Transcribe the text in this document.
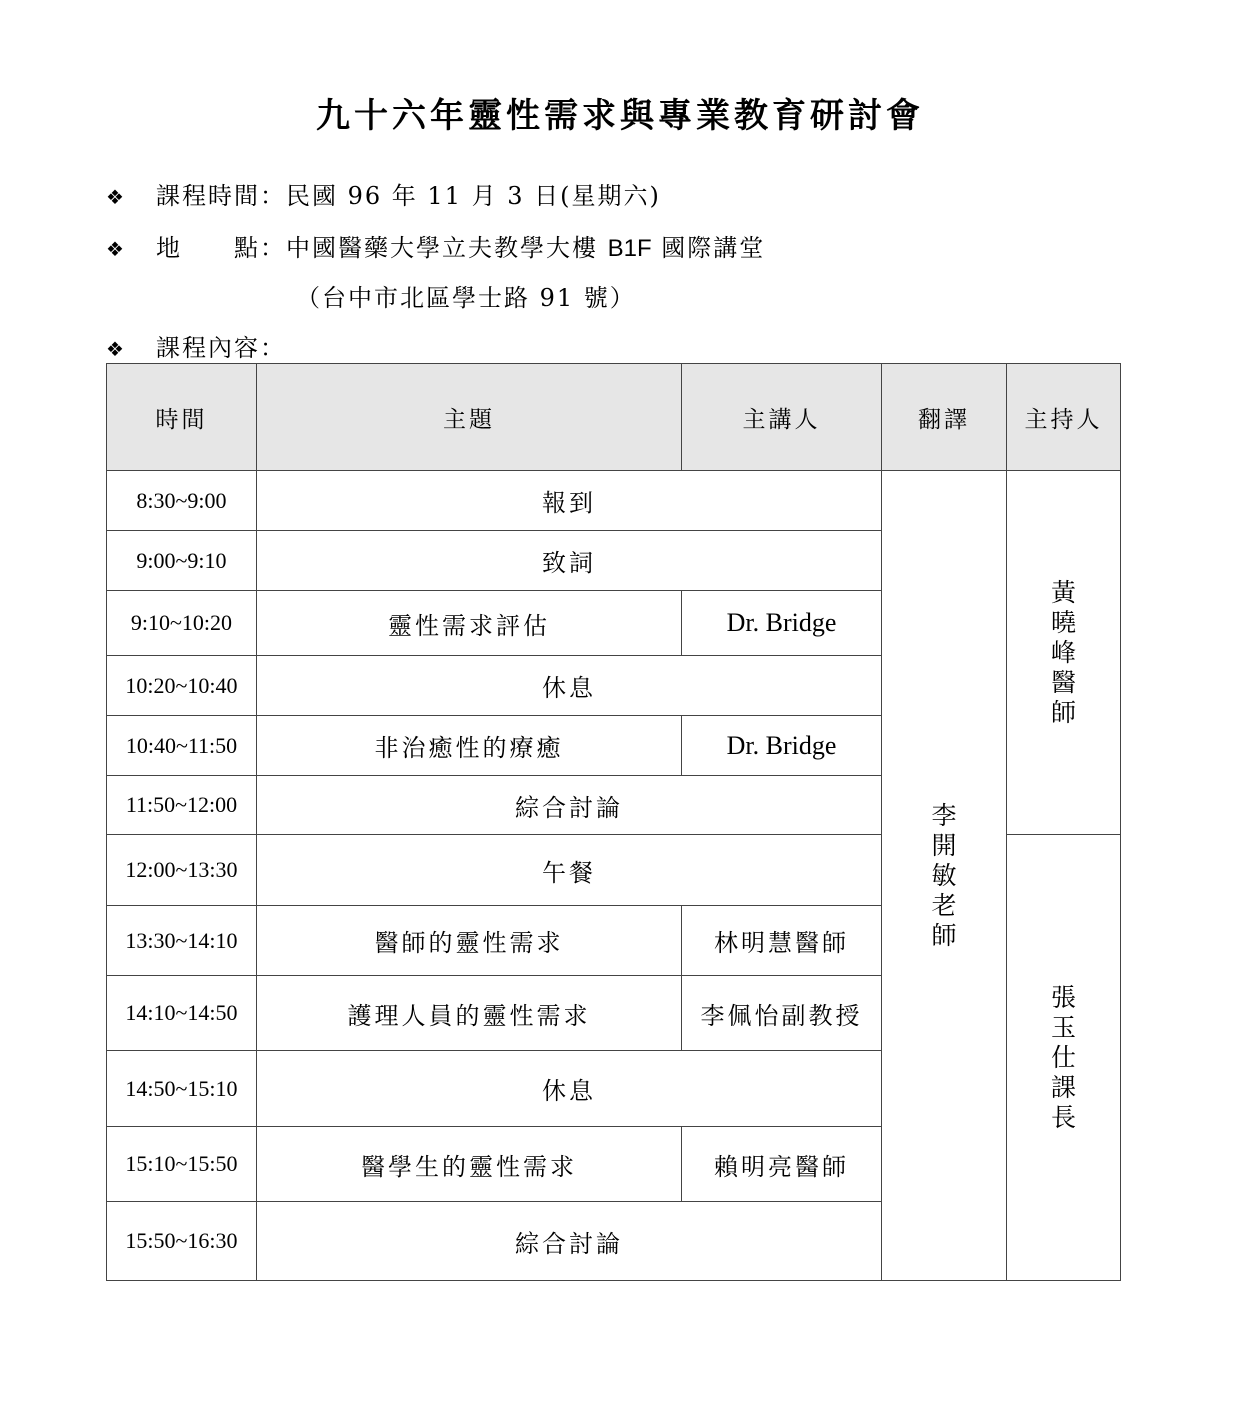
九十六年靈性需求與專業教育研討會
❖ 課程時間：民國 96 年 11 月 3 日(星期六)
❖ 地　　點：中國醫藥大學立夫教學大樓 B1F 國際講堂
（台中市北區學士路 91 號）
❖ 課程內容：
時間	主題	主講人	翻譯	主持人
8:30~9:00	報到		李開敏老師	黃曉峰醫師
9:00~9:10	致詞			
9:10~10:20	靈性需求評估	Dr. Bridge		
10:20~10:40	休息			
10:40~11:50	非治癒性的療癒	Dr. Bridge		
11:50~12:00	綜合討論			
12:00~13:30	午餐			張玉仕課長
13:30~14:10	醫師的靈性需求	林明慧醫師		
14:10~14:50	護理人員的靈性需求	李佩怡副教授		
14:50~15:10	休息			
15:10~15:50	醫學生的靈性需求	賴明亮醫師		
15:50~16:30	綜合討論			
